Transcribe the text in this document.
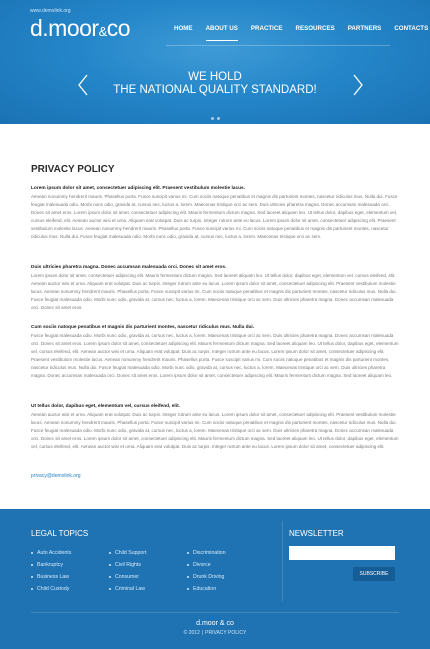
www.demolink.org
d.moor&co	HOME ABOUT US PRACTICE RESOURCES PARTNERS CONTACTS
WE HOLD
THE NATIONAL QUALITY STANDARD!
PRIVACY POLICY
Lorem ipsum dolor sit amet, consectetuer adipiscing elit. Praesent vestibulum molestie lacus.
Aenean nonummy hendrerit mauris. Phasellus porta. Fusce suscipit varius mi. Cum sociis natoque penatibus et magnis dis parturient montes, nascetur ridiculus mus. Nulla dui. Fusce feugiat malesuada odio. Morbi nunc odio, gravida at, cursus nec, luctus a, lorem. Maecenas tristique orci ac sem. Duis ultricies pharetra magna. Donec accumsan malesuada orci. Donec sit amet eros. Lorem ipsum dolor sit amet, consectetuer adipiscing elit. Mauris fermentum dictum magna. Sed laoreet aliquam leo. Ut tellus dolor, dapibus eget, elementum vel, cursus eleifend, elit. Aenean auctor wisi et urna. Aliquam erat volutpat. Duis ac turpis. Integer rutrum ante eu lacus. Lorem ipsum dolor sit amet, consectetuer adipiscing elit. Praesent vestibulum molestie lacus. Aenean nonummy hendrerit mauris. Phasellus porta. Fusce suscipit varius mi. Cum sociis natoque penatibus et magnis dis parturient montes, nascetur ridiculus mus. Nulla dui. Fusce feugiat malesuada odio. Morbi nunc odio, gravida at, cursus nec, luctus a, lorem. Maecenas tristique orci ac sem.
Duis ultricies pharetra magna. Donec accumsan malesuada orci. Donec sit amet eros.
Lorem ipsum dolor sit amet, consectetuer adipiscing elit. Mauris fermentum dictum magna. Sed laoreet aliquam leo. Ut tellus dolor, dapibus eget, elementum vel, cursus eleifend, elit. Aenean auctor wisi et urna. Aliquam erat volutpat. Duis ac turpis. Integer rutrum ante eu lacus. Lorem ipsum dolor sit amet, consectetuer adipiscing elit. Praesent vestibulum molestie lacus. Aenean nonummy hendrerit mauris. Phasellus porta. Fusce suscipit varius mi. Cum sociis natoque penatibus et magnis dis parturient montes, nascetur ridiculus mus. Nulla dui. Fusce feugiat malesuada odio. Morbi nunc odio, gravida at, cursus nec, luctus a, lorem. Maecenas tristique orci ac sem. Duis ultricies pharetra magna. Donec accumsan malesuada orci. Donec sit amet eros.
Cum sociis natoque penatibus et magnis dis parturient montes, nascetur ridiculus mus. Nulla dui.
Fusce feugiat malesuada odio. Morbi nunc odio, gravida at, cursus nec, luctus a, lorem. Maecenas tristique orci ac sem. Duis ultricies pharetra magna. Donec accumsan malesuada orci. Donec sit amet eros. Lorem ipsum dolor sit amet, consectetuer adipiscing elit. Mauris fermentum dictum magna. Sed laoreet aliquam leo. Ut tellus dolor, dapibus eget, elementum vel, cursus eleifend, elit. Aenean auctor wisi et urna. Aliquam erat volutpat. Duis ac turpis. Integer rutrum ante eu lacus. Lorem ipsum dolor sit amet, consectetuer adipiscing elit. Praesent vestibulum molestie lacus. Aenean nonummy hendrerit mauris. Phasellus porta. Fusce suscipit varius mi. Cum sociis natoque penatibus et magnis dis parturient montes, nascetur ridiculus mus. Nulla dui. Fusce feugiat malesuada odio. Morbi nunc odio, gravida at, cursus nec, luctus a, lorem. Maecenas tristique orci ac sem. Duis ultricies pharetra magna. Donec accumsan malesuada orci. Donec sit amet eros. Lorem ipsum dolor sit amet, consectetuer adipiscing elit. Mauris fermentum dictum magna. Sed laoreet aliquam leo.
Ut tellus dolor, dapibus eget, elementum vel, cursus eleifend, elit.
Aenean auctor wisi et urna. Aliquam erat volutpat. Duis ac turpis. Integer rutrum ante eu lacus. Lorem ipsum dolor sit amet, consectetuer adipiscing elit. Praesent vestibulum molestie lacus. Aenean nonummy hendrerit mauris. Phasellus porta. Fusce suscipit varius mi. Cum sociis natoque penatibus et magnis dis parturient montes, nascetur ridiculus mus. Nulla dui. Fusce feugiat malesuada odio. Morbi nunc odio, gravida at, cursus nec, luctus a, lorem. Maecenas tristique orci ac sem. Duis ultricies pharetra magna. Donec accumsan malesuada orci. Donec sit amet eros. Lorem ipsum dolor sit amet, consectetuer adipiscing elit. Mauris fermentum dictum magna. Sed laoreet aliquam leo. Ut tellus dolor, dapibus eget, elementum vel, cursus eleifend, elit. Aenean auctor wisi et urna. Aliquam erat volutpat. Duis ac turpis. Integer rutrum ante eu lacus. Lorem ipsum dolor sit amet, consectetuer adipiscing elit.
privacy@demolink.org
LEGAL TOPICS
Auto Accidents
Bankruptcy
Business Law
Child Custody
Child Support
Civil Rights
Consumer
Criminal Law
Discrimination
Divorce
Drunk Driving
Education
NEWSLETTER
SUBSCRIBE
d.moor & co
© 2012 | PRIVACY POLICY
